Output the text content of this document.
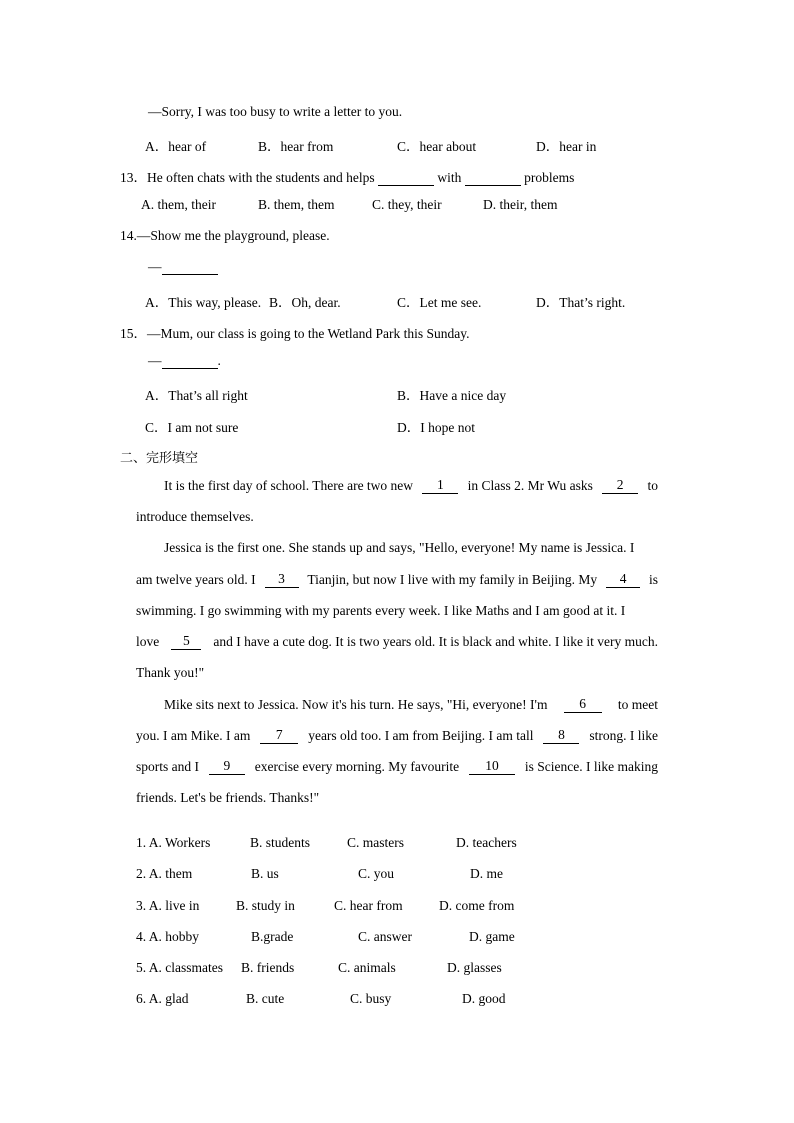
—Sorry, I was too busy to write a letter to you.
A．hear of	B．hear from	C．hear about	D．hear in
13．He often chats with the students and helps	with	problems
A. them, their	B. them, them	C. they, their	D. their, them
14.—Show me the playground, please.
—
A．This way, please. B．Oh, dear.	C．Let me see.	D．That’s right.
15．—Mum, our class is going to the Wetland Park this Sunday.
—	.
A．That’s all right	B．Have a nice day
C．I am not sure	D．I hope not
二、完形填空
It is the first day of school. There are two new	1	in Class 2. Mr Wu asks	2	to
introduce themselves.
Jessica is the first one. She stands up and says, "Hello, everyone! My name is Jessica. I
am twelve years old. I	3	Tianjin, but now I live with my family in Beijing. My	4	is
swimming. I go swimming with my parents every week. I like Maths and I am good at it. I
love	5	and I have a cute dog. It is two years old. It is black and white. I like it very much.
Thank you!"
Mike sits next to Jessica. Now it's his turn. He says, "Hi, everyone! I'm	6	to meet
you. I am Mike. I am	7	years old too. I am from Beijing. I am tall	8	strong. I like
sports and I	9	exercise every morning. My favourite	10	is Science. I like making
friends. Let's be friends. Thanks!"
1. A. Workers	B. students	C. masters	D. teachers
2. A. them	B. us	C. you	D. me
3. A. live in	B. study in	C. hear from	D. come from
4. A. hobby	B.grade	C. answer	D. game
5. A. classmates B. friends	C. animals	D. glasses
6. A. glad	B. cute	C. busy	D. good
